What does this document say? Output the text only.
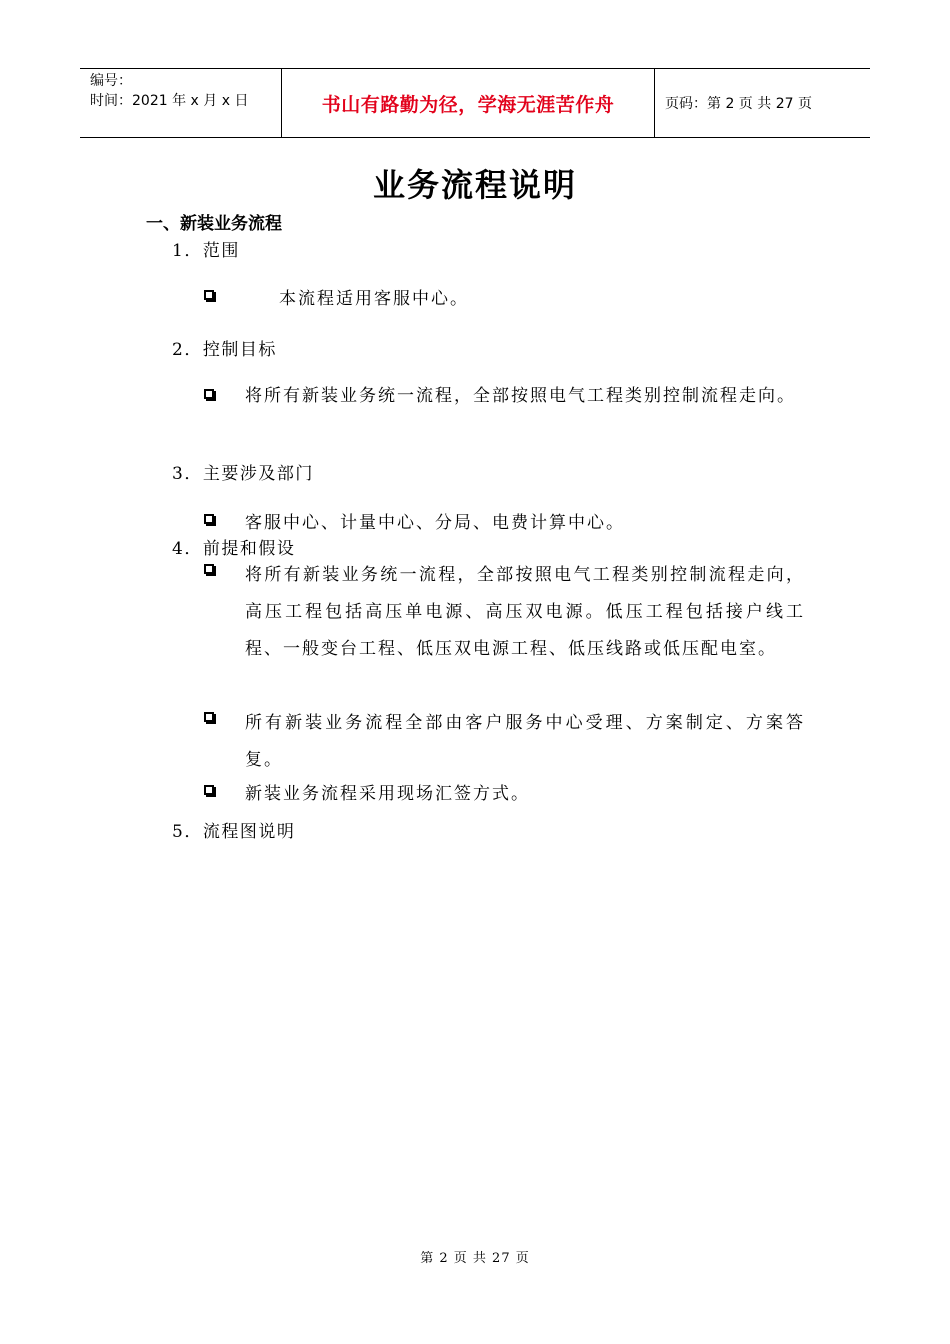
编号：
时间：2021 年 x 月 x 日	书山有路勤为径，学海无涯苦作舟	页码：第 2 页 共 27 页
业务流程说明
一、新装业务流程
1．范围
本流程适用客服中心。
2．控制目标
将所有新装业务统一流程，全部按照电气工程类别控制流程走向。
3．主要涉及部门
客服中心、计量中心、分局、电费计算中心。
4．前提和假设
将所有新装业务统一流程，全部按照电气工程类别控制流程走向，高压工程包括高压单电源、高压双电源。低压工程包括接户线工程、一般变台工程、低压双电源工程、低压线路或低压配电室。
所有新装业务流程全部由客户服务中心受理、方案制定、方案答复。
新装业务流程采用现场汇签方式。
5．流程图说明
第 2 页 共 27 页
